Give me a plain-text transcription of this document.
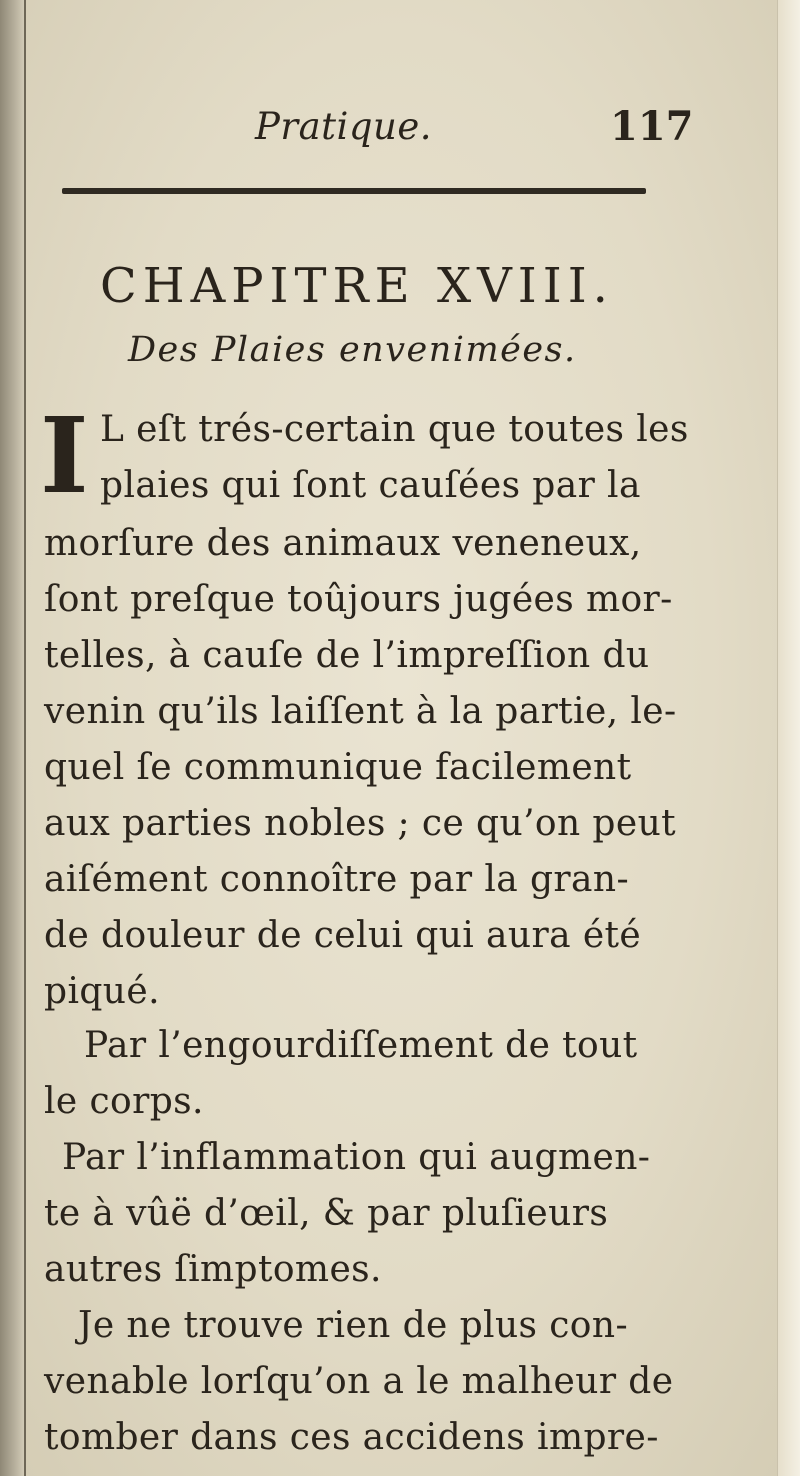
Pratique.	117
CHAPITRE XVIII.
Des Plaies envenimées.
I L eſt trés-certain que toutes les
plaies qui ſont cauſées par la
morſure des animaux veneneux,
ſont preſque toûjours jugées mor-
telles, à cauſe de l’impreſſion du
venin qu’ils laiſſent à la partie, le-
quel ſe communique facilement
aux parties nobles ; ce qu’on peut
aiſément connoître par la gran-
de douleur de celui qui aura été
piqué.
Par l’engourdiſſement de tout
le corps.
Par l’inflammation qui augmen-
te à vûë d’œil, & par pluſieurs
autres ſimptomes.
Je ne trouve rien de plus con-
venable lorſqu’on a le malheur de
tomber dans ces accidens impre-
